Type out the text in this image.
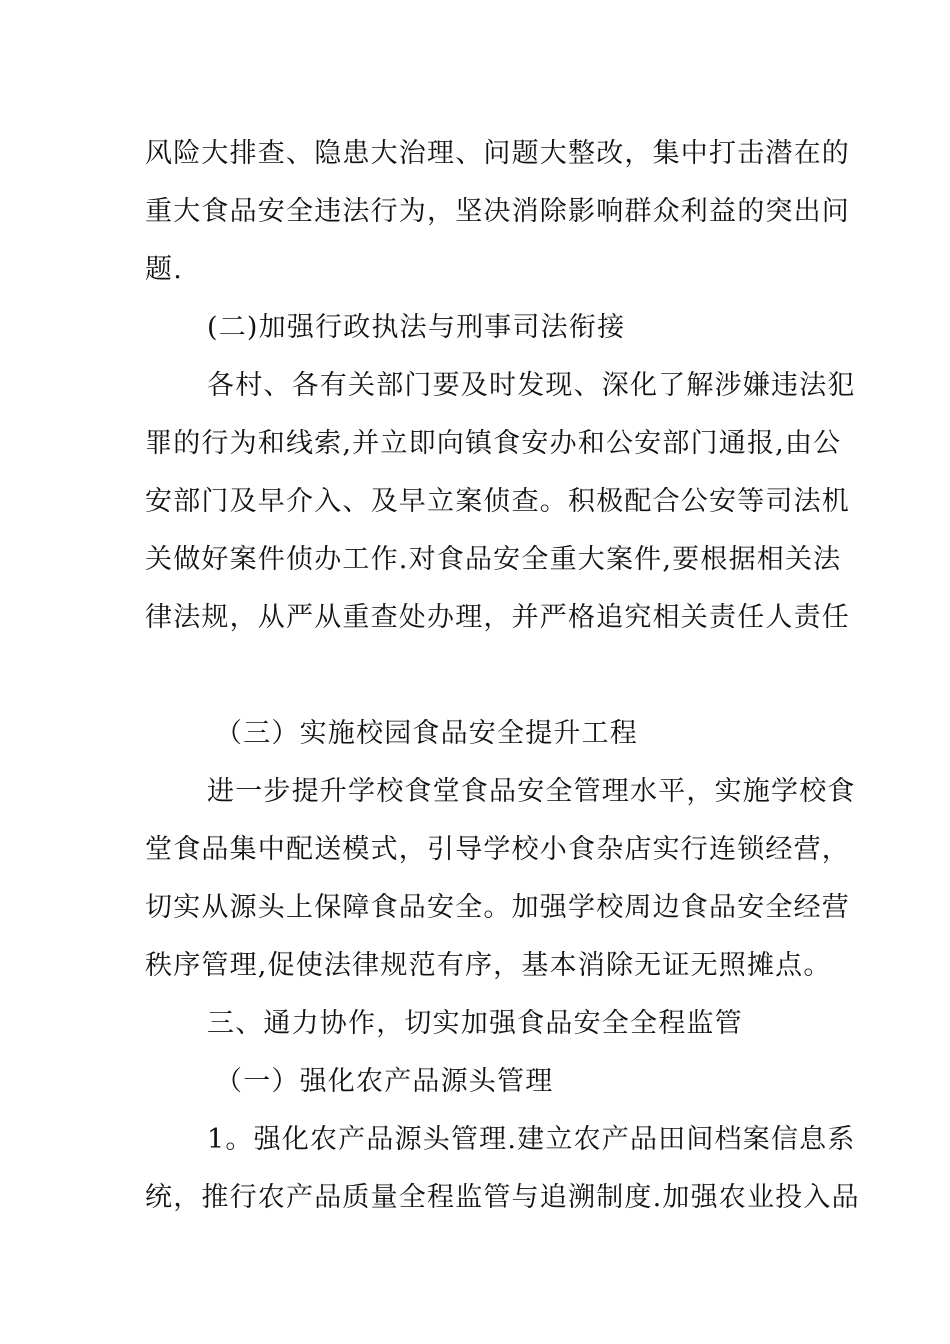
风险大排查、隐患大治理、问题大整改，集中打击潜在的
重大食品安全违法行为，坚决消除影响群众利益的突出问
题.
(二)加强行政执法与刑事司法衔接
各村、各有关部门要及时发现、深化了解涉嫌违法犯
罪的行为和线索,并立即向镇食安办和公安部门通报,由公
安部门及早介入、及早立案侦查。积极配合公安等司法机
关做好案件侦办工作.对食品安全重大案件,要根据相关法
律法规，从严从重查处办理，并严格追究相关责任人责任
（三）实施校园食品安全提升工程
进一步提升学校食堂食品安全管理水平，实施学校食
堂食品集中配送模式，引导学校小食杂店实行连锁经营，
切实从源头上保障食品安全。加强学校周边食品安全经营
秩序管理,促使法律规范有序，基本消除无证无照摊点。
三、通力协作，切实加强食品安全全程监管
（一）强化农产品源头管理
1。强化农产品源头管理.建立农产品田间档案信息系
统，推行农产品质量全程监管与追溯制度.加强农业投入品
